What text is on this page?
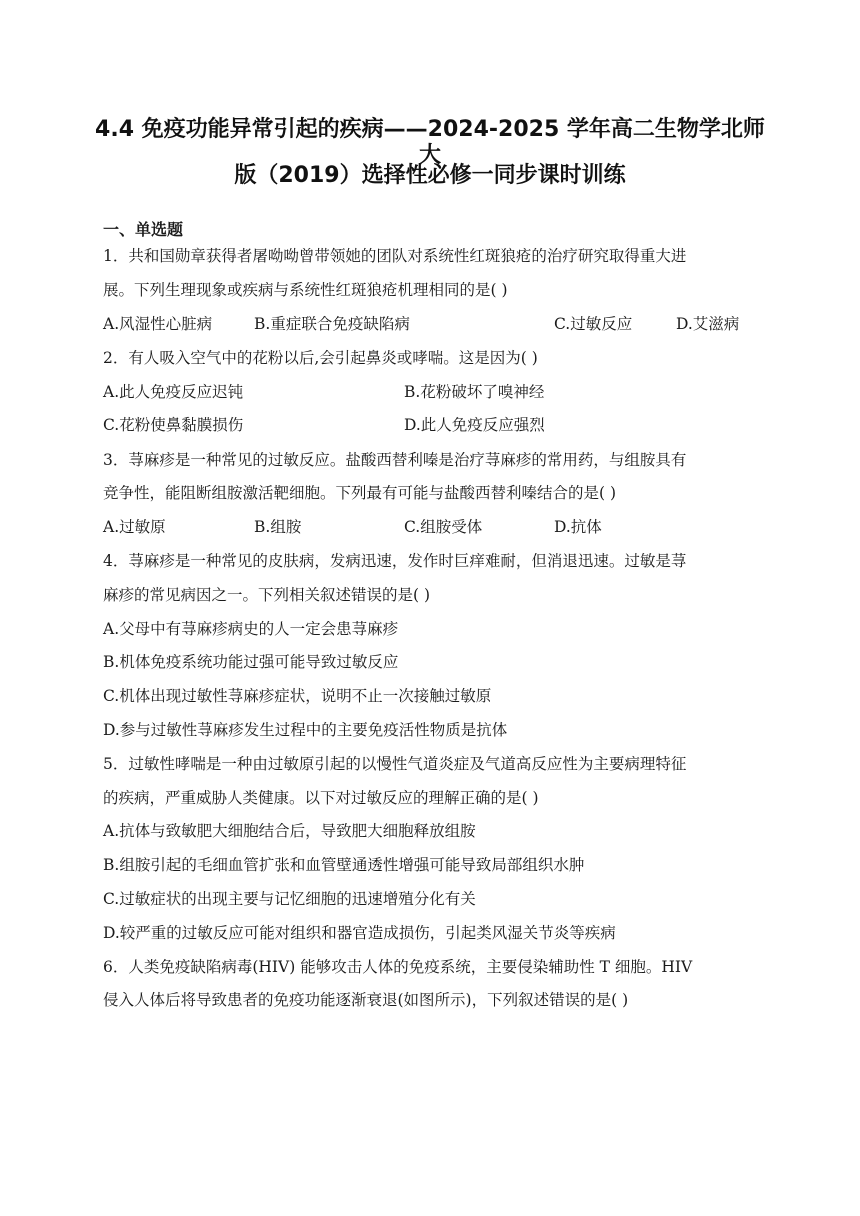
4.4 免疫功能异常引起的疾病——2024-2025 学年高二生物学北师大
版（2019）选择性必修一同步课时训练
一、单选题
1．共和国勋章获得者屠呦呦曾带领她的团队对系统性红斑狼疮的治疗研究取得重大进
展。下列生理现象或疾病与系统性红斑狼疮机理相同的是( )
A.风湿性心脏病	B.重症联合免疫缺陷病	C.过敏反应	D.艾滋病
2．有人吸入空气中的花粉以后,会引起鼻炎或哮喘。这是因为( )
A.此人免疫反应迟钝	B.花粉破坏了嗅神经
C.花粉使鼻黏膜损伤	D.此人免疫反应强烈
3．荨麻疹是一种常见的过敏反应。盐酸西替利嗪是治疗荨麻疹的常用药，与组胺具有
竞争性，能阻断组胺激活靶细胞。下列最有可能与盐酸西替利嗪结合的是( )
A.过敏原	B.组胺	C.组胺受体	D.抗体
4．荨麻疹是一种常见的皮肤病，发病迅速，发作时巨痒难耐，但消退迅速。过敏是荨
麻疹的常见病因之一。下列相关叙述错误的是( )
A.父母中有荨麻疹病史的人一定会患荨麻疹
B.机体免疫系统功能过强可能导致过敏反应
C.机体出现过敏性荨麻疹症状，说明不止一次接触过敏原
D.参与过敏性荨麻疹发生过程中的主要免疫活性物质是抗体
5．过敏性哮喘是一种由过敏原引起的以慢性气道炎症及气道高反应性为主要病理特征
的疾病，严重威胁人类健康。以下对过敏反应的理解正确的是( )
A.抗体与致敏肥大细胞结合后，导致肥大细胞释放组胺
B.组胺引起的毛细血管扩张和血管壁通透性增强可能导致局部组织水肿
C.过敏症状的出现主要与记忆细胞的迅速增殖分化有关
D.较严重的过敏反应可能对组织和器官造成损伤，引起类风湿关节炎等疾病
6．人类免疫缺陷病毒(HIV) 能够攻击人体的免疫系统，主要侵染辅助性 T 细胞。HIV
侵入人体后将导致患者的免疫功能逐渐衰退(如图所示)，下列叙述错误的是( )
